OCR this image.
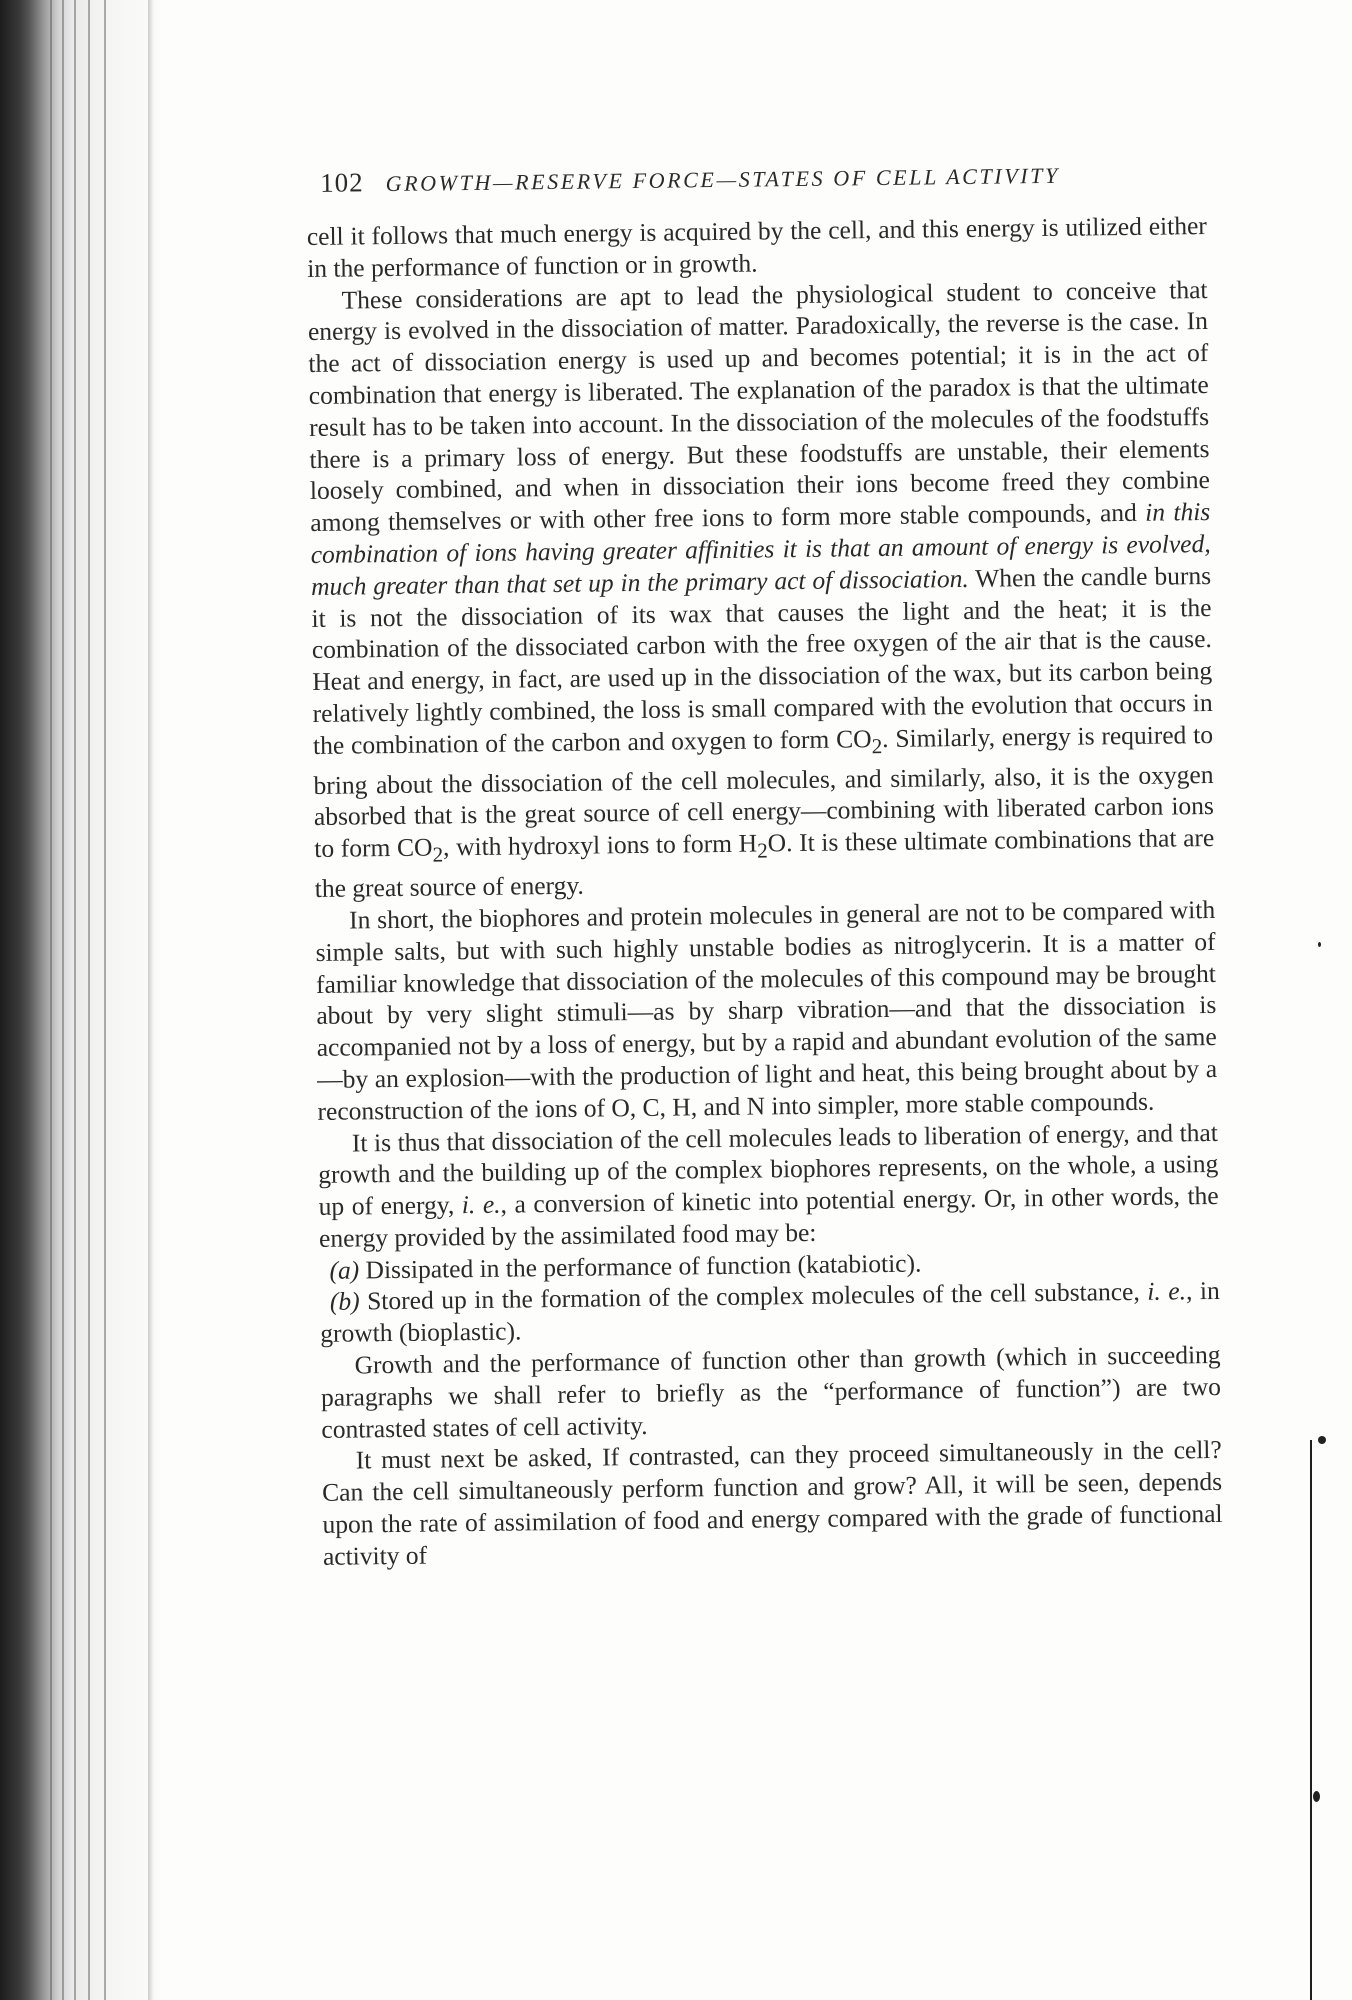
102 GROWTH—RESERVE FORCE—STATES OF CELL ACTIVITY

cell it follows that much energy is acquired by the cell, and this energy is utilized either in the performance of function or in growth.

These considerations are apt to lead the physiological student to conceive that energy is evolved in the dissociation of matter. Paradoxically, the reverse is the case. In the act of dissociation energy is used up and becomes potential; it is in the act of combination that energy is liberated. The explanation of the paradox is that the ultimate result has to be taken into account. In the dissociation of the molecules of the foodstuffs there is a primary loss of energy. But these foodstuffs are unstable, their elements loosely combined, and when in dissociation their ions become freed they combine among themselves or with other free ions to form more stable compounds, and in this combination of ions having greater affinities it is that an amount of energy is evolved, much greater than that set up in the primary act of dissociation. When the candle burns it is not the dissociation of its wax that causes the light and the heat; it is the combination of the dissociated carbon with the free oxygen of the air that is the cause. Heat and energy, in fact, are used up in the dissociation of the wax, but its carbon being relatively lightly combined, the loss is small compared with the evolution that occurs in the combination of the carbon and oxygen to form $CO_2$. Similarly, energy is required to bring about the dissociation of the cell molecules, and similarly, also, it is the oxygen absorbed that is the great source of cell energy—combining with liberated carbon ions to form $CO_2$, with hydroxyl ions to form $H_2O$. It is these ultimate combinations that are the great source of energy.

In short, the biophores and protein molecules in general are not to be compared with simple salts, but with such highly unstable bodies as nitroglycerin. It is a matter of familiar knowledge that dissociation of the molecules of this compound may be brought about by very slight stimuli—as by sharp vibration—and that the dissociation is accompanied not by a loss of energy, but by a rapid and abundant evolution of the same—by an explosion—with the production of light and heat, this being brought about by a reconstruction of the ions of O, C, H, and N into simpler, more stable compounds.

It is thus that dissociation of the cell molecules leads to liberation of energy, and that growth and the building up of the complex biophores represents, on the whole, a using up of energy, i. e., a conversion of kinetic into potential energy. Or, in other words, the energy provided by the assimilated food may be:

(a) Dissipated in the performance of function (katabiotic).

(b) Stored up in the formation of the complex molecules of the cell substance, i. e., in growth (bioplastic).

Growth and the performance of function other than growth (which in succeeding paragraphs we shall refer to briefly as the “performance of function”) are two contrasted states of cell activity.

It must next be asked, If contrasted, can they proceed simultaneously in the cell? Can the cell simultaneously perform function and grow? All, it will be seen, depends upon the rate of assimilation of food and energy compared with the grade of functional activity of
